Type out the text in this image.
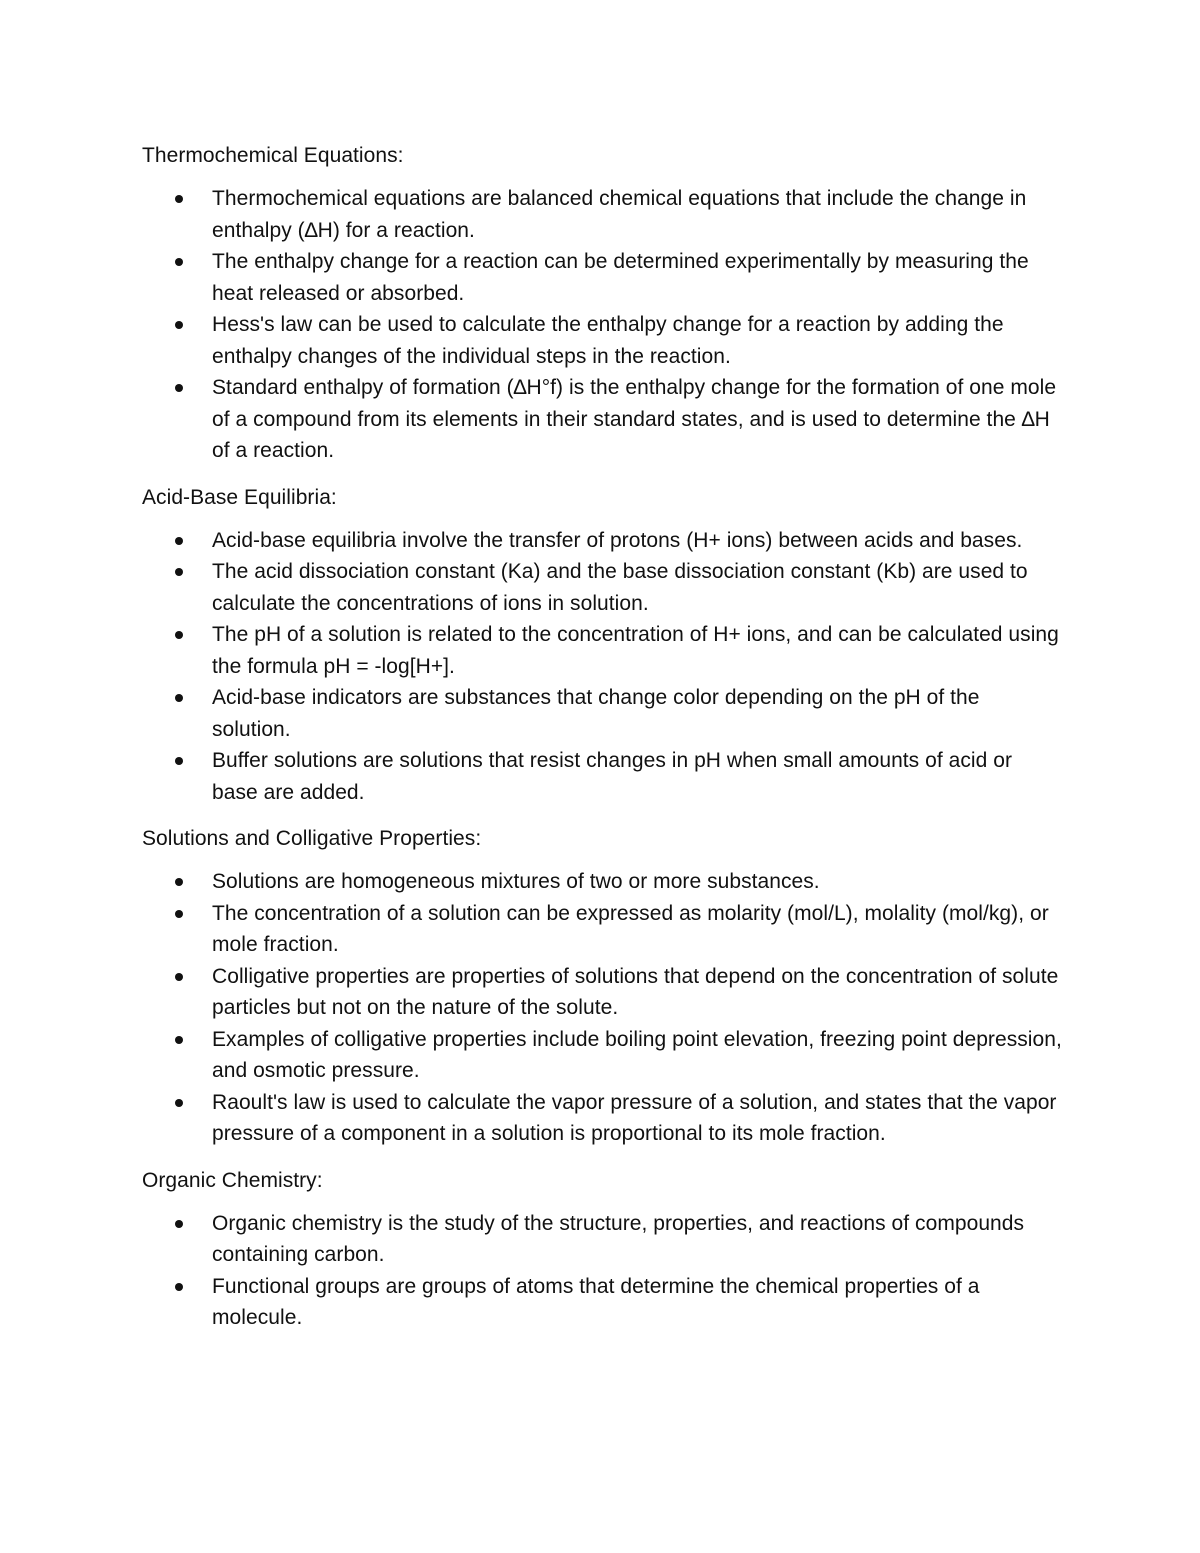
Thermochemical Equations:
Thermochemical equations are balanced chemical equations that include the change in enthalpy (∆H) for a reaction.
The enthalpy change for a reaction can be determined experimentally by measuring the heat released or absorbed.
Hess's law can be used to calculate the enthalpy change for a reaction by adding the enthalpy changes of the individual steps in the reaction.
Standard enthalpy of formation (∆H°f) is the enthalpy change for the formation of one mole of a compound from its elements in their standard states, and is used to determine the ∆H of a reaction.
Acid-Base Equilibria:
Acid-base equilibria involve the transfer of protons (H+ ions) between acids and bases.
The acid dissociation constant (Ka) and the base dissociation constant (Kb) are used to calculate the concentrations of ions in solution.
The pH of a solution is related to the concentration of H+ ions, and can be calculated using the formula pH = -log[H+].
Acid-base indicators are substances that change color depending on the pH of the solution.
Buffer solutions are solutions that resist changes in pH when small amounts of acid or base are added.
Solutions and Colligative Properties:
Solutions are homogeneous mixtures of two or more substances.
The concentration of a solution can be expressed as molarity (mol/L), molality (mol/kg), or mole fraction.
Colligative properties are properties of solutions that depend on the concentration of solute particles but not on the nature of the solute.
Examples of colligative properties include boiling point elevation, freezing point depression, and osmotic pressure.
Raoult's law is used to calculate the vapor pressure of a solution, and states that the vapor pressure of a component in a solution is proportional to its mole fraction.
Organic Chemistry:
Organic chemistry is the study of the structure, properties, and reactions of compounds containing carbon.
Functional groups are groups of atoms that determine the chemical properties of a molecule.
